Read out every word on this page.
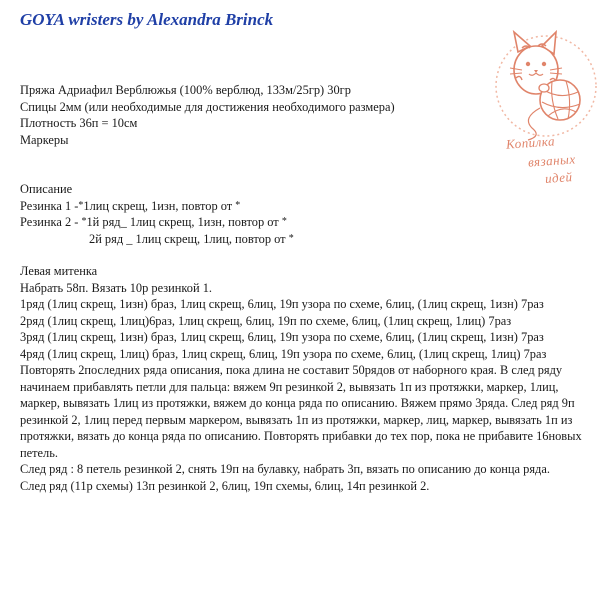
GOYA wristers by Alexandra Brinck
Копилка
вязаных
идей
Пряжа Адриафил Верблюжья (100% верблюд, 133м/25гр) 30гр
Спицы 2мм (или необходимые для достижения необходимого размера)
Плотность 36п = 10см
Маркеры
Описание
Резинка 1 -*1лиц скрещ, 1изн, повтор от *
Резинка 2 - *1й ряд_ 1лиц скрещ, 1изн, повтор от *
2й ряд _ 1лиц скрещ, 1лиц, повтор от *
Левая митенка
Набрать 58п. Вязать 10р резинкой 1.
1ряд (1лиц скрещ, 1изн) браз, 1лиц скрещ, 6лиц, 19п узора по схеме, 6лиц, (1лиц скрещ, 1изн) 7раз
2ряд (1лиц скрещ, 1лиц)6раз, 1лиц скрещ, 6лиц, 19п по схеме, 6лиц, (1лиц скрещ, 1лиц) 7раз
3ряд (1лиц скрещ, 1изн) браз, 1лиц скрещ, 6лиц, 19п узора по схеме, 6лиц, (1лиц скрещ, 1изн) 7раз
4ряд (1лиц скрещ, 1лиц) браз, 1лиц скрещ, 6лиц, 19п узора по схеме, 6лиц, (1лиц скрещ, 1лиц) 7раз
Повторять 2последних ряда описания, пока длина не составит 50рядов от наборного края. В след ряду начинаем прибавлять петли для пальца: вяжем 9п резинкой 2, вывязать 1п из протяжки, маркер, 1лиц, маркер, вывязать 1лиц из протяжки, вяжем до конца ряда по описанию. Вяжем прямо 3ряда. След ряд 9п резинкой 2, 1лиц перед первым маркером, вывязать 1п из протяжки, маркер, лиц, маркер, вывязать 1п из протяжки, вязать до конца ряда по описанию. Повторять прибавки до тех пор, пока не прибавите 16новых петель.
След ряд : 8 петель резинкой 2, снять 19п на булавку, набрать 3п, вязать по описанию до конца ряда.
След ряд (11р схемы) 13п резинкой 2, 6лиц, 19п схемы, 6лиц, 14п резинкой 2.
